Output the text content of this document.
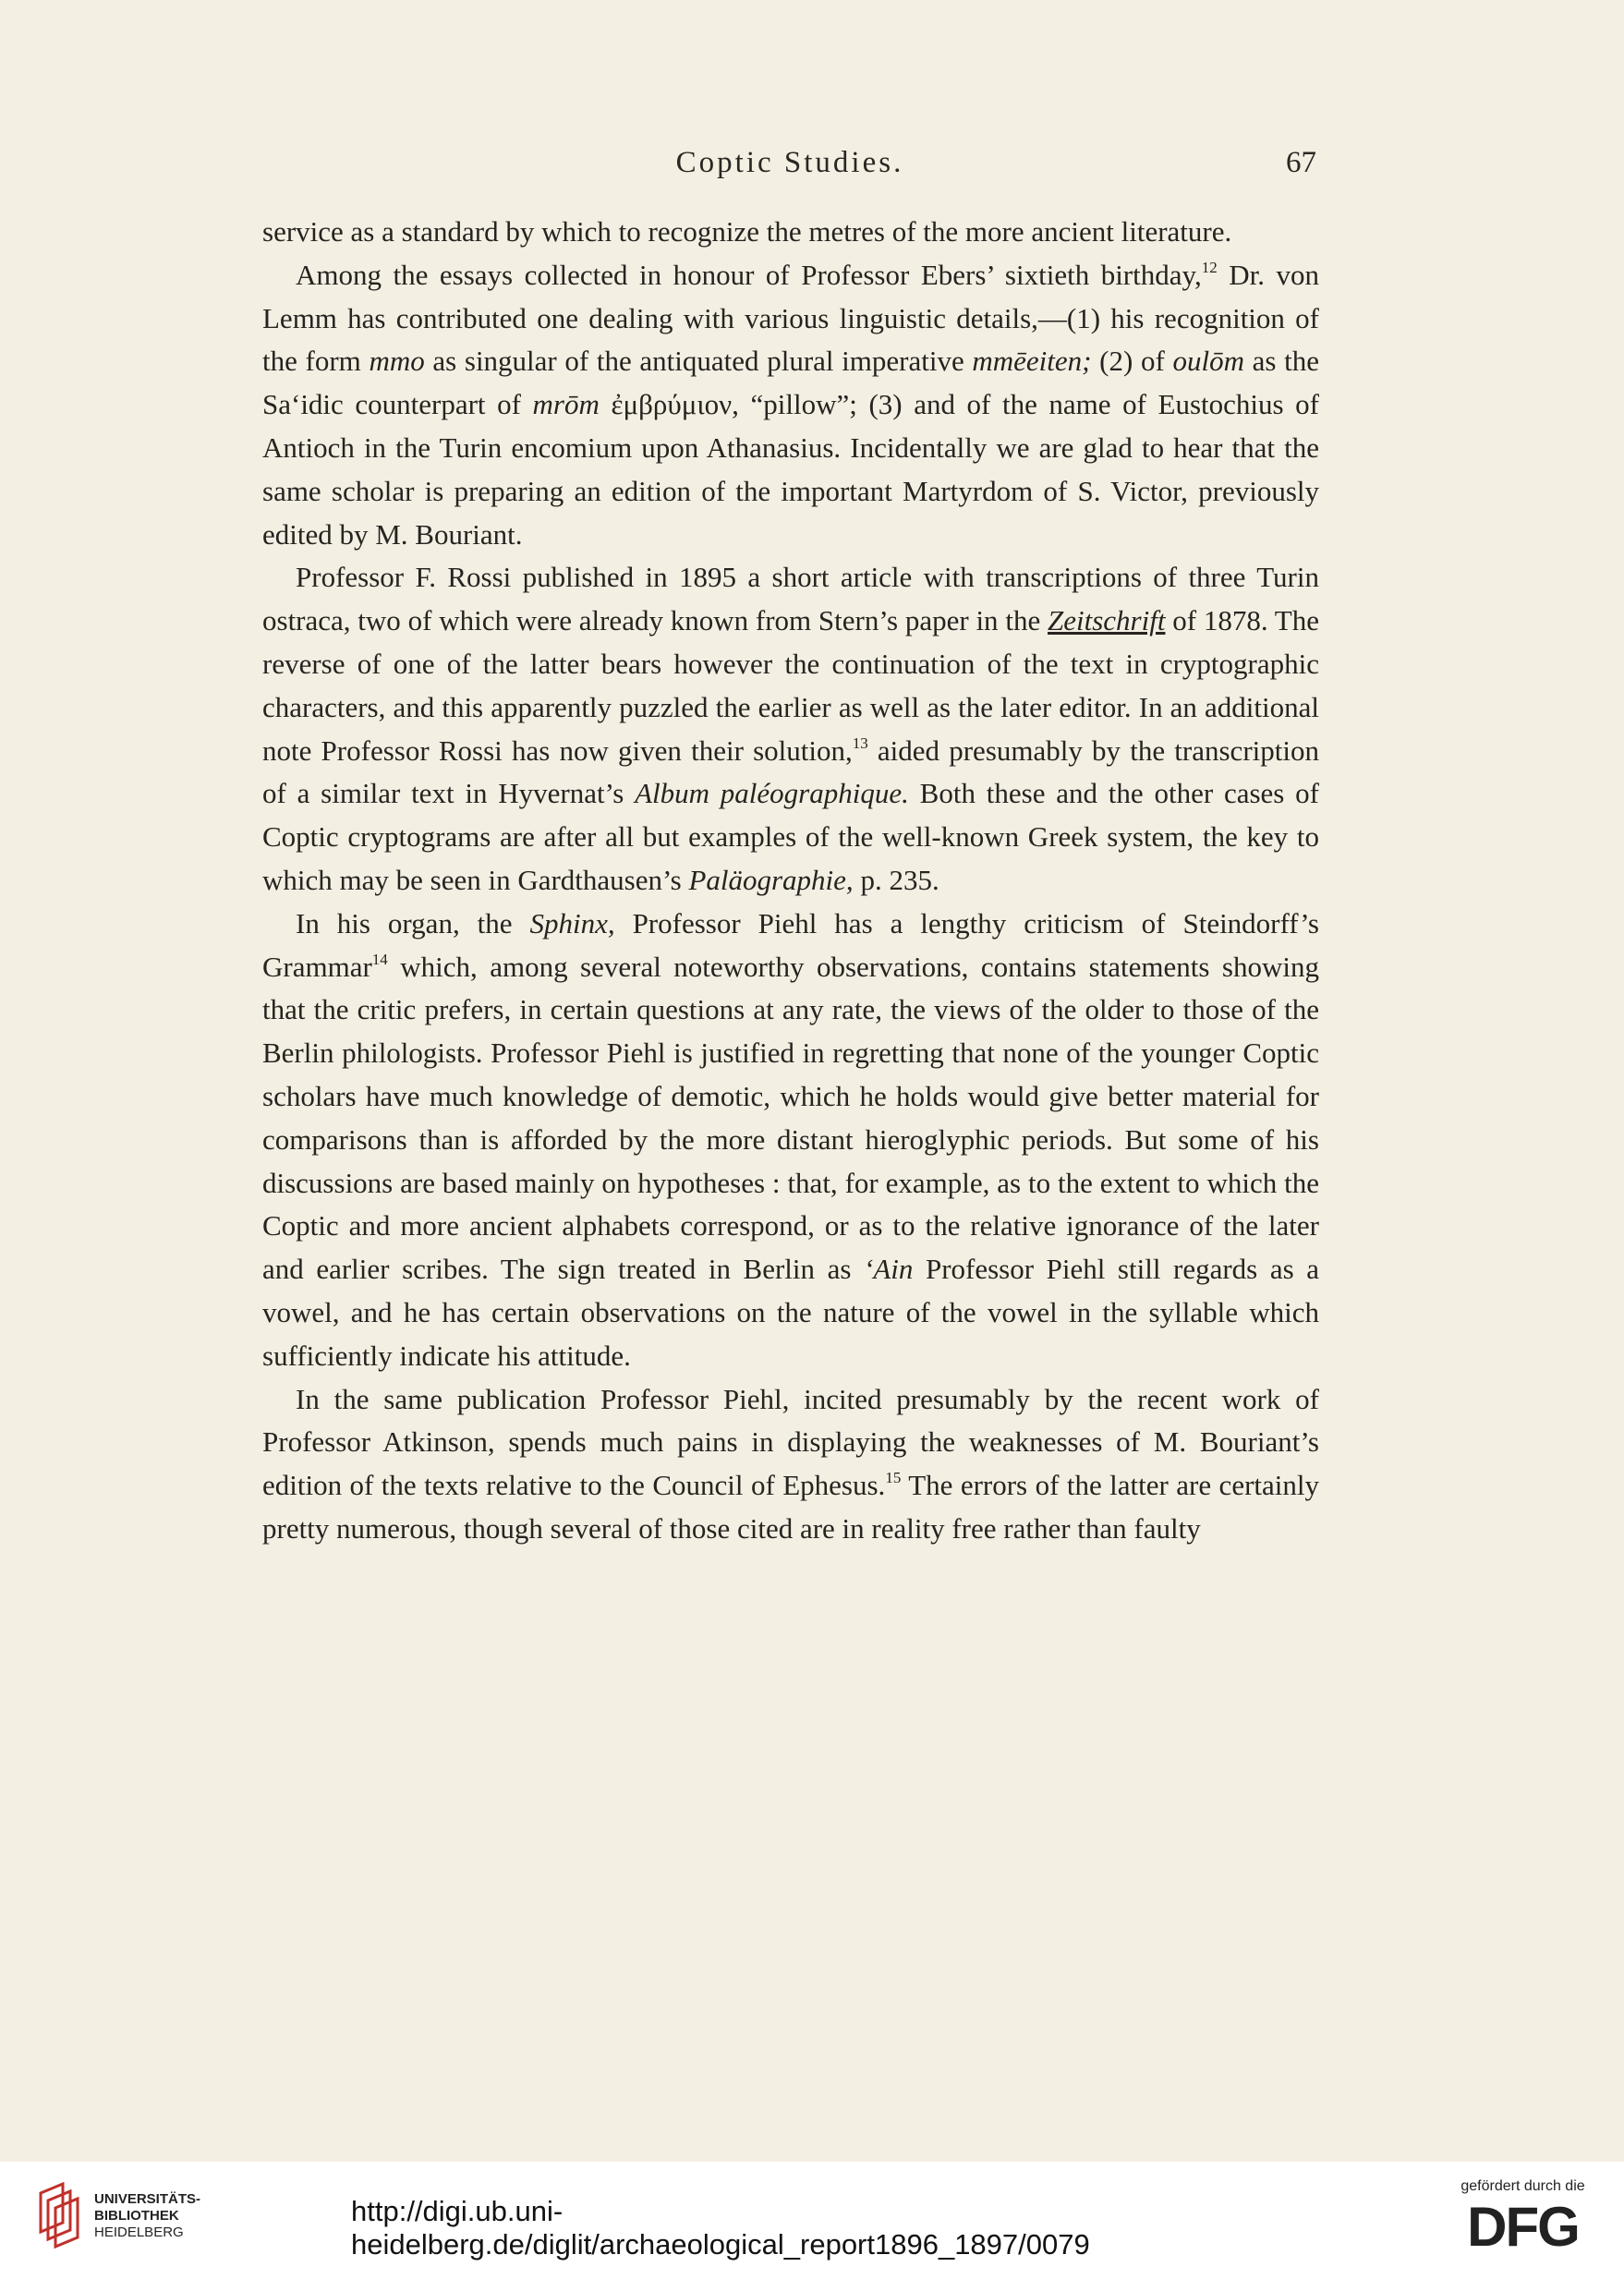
Coptic Studies.	67

service as a standard by which to recognize the metres of the more ancient literature.

Among the essays collected in honour of Professor Ebers’ sixtieth birthday,$^{12}$ Dr. von Lemm has contributed one dealing with various linguistic details,—(1) his recognition of the form mmo as singular of the antiquated plural imperative mmēeiten; (2) of oulōm as the Sa‘idic counterpart of mrōm ἐμβρύμιον, “pillow”; (3) and of the name of Eustochius of Antioch in the Turin encomium upon Athanasius. Incidentally we are glad to hear that the same scholar is preparing an edition of the important Martyrdom of S. Victor, previously edited by M. Bouriant.

Professor F. Rossi published in 1895 a short article with transcriptions of three Turin ostraca, two of which were already known from Stern’s paper in the Zeitschrift of 1878. The reverse of one of the latter bears however the continuation of the text in cryptographic characters, and this apparently puzzled the earlier as well as the later editor. In an additional note Professor Rossi has now given their solution,$^{13}$ aided presumably by the transcription of a similar text in Hyvernat’s Album paléographique. Both these and the other cases of Coptic cryptograms are after all but examples of the well-known Greek system, the key to which may be seen in Gardthausen’s Paläographie, p. 235.

In his organ, the Sphinx, Professor Piehl has a lengthy criticism of Steindorff’s Grammar$^{14}$ which, among several noteworthy observations, contains statements showing that the critic prefers, in certain questions at any rate, the views of the older to those of the Berlin philologists. Professor Piehl is justified in regretting that none of the younger Coptic scholars have much knowledge of demotic, which he holds would give better material for comparisons than is afforded by the more distant hieroglyphic periods. But some of his discussions are based mainly on hypotheses : that, for example, as to the extent to which the Coptic and more ancient alphabets correspond, or as to the relative ignorance of the later and earlier scribes. The sign treated in Berlin as ‘Ain Professor Piehl still regards as a vowel, and he has certain observations on the nature of the vowel in the syllable which sufficiently indicate his attitude.

In the same publication Professor Piehl, incited presumably by the recent work of Professor Atkinson, spends much pains in displaying the weaknesses of M. Bouriant’s edition of the texts relative to the Council of Ephesus.$^{15}$ The errors of the latter are certainly pretty numerous, though several of those cited are in reality free rather than faulty

UNIVERSITÄTS-
BIBLIOTHEK
HEIDELBERG
http://digi.ub.uni-heidelberg.de/diglit/archaeological_report1896_1897/0079
gefördert durch die
DFG
